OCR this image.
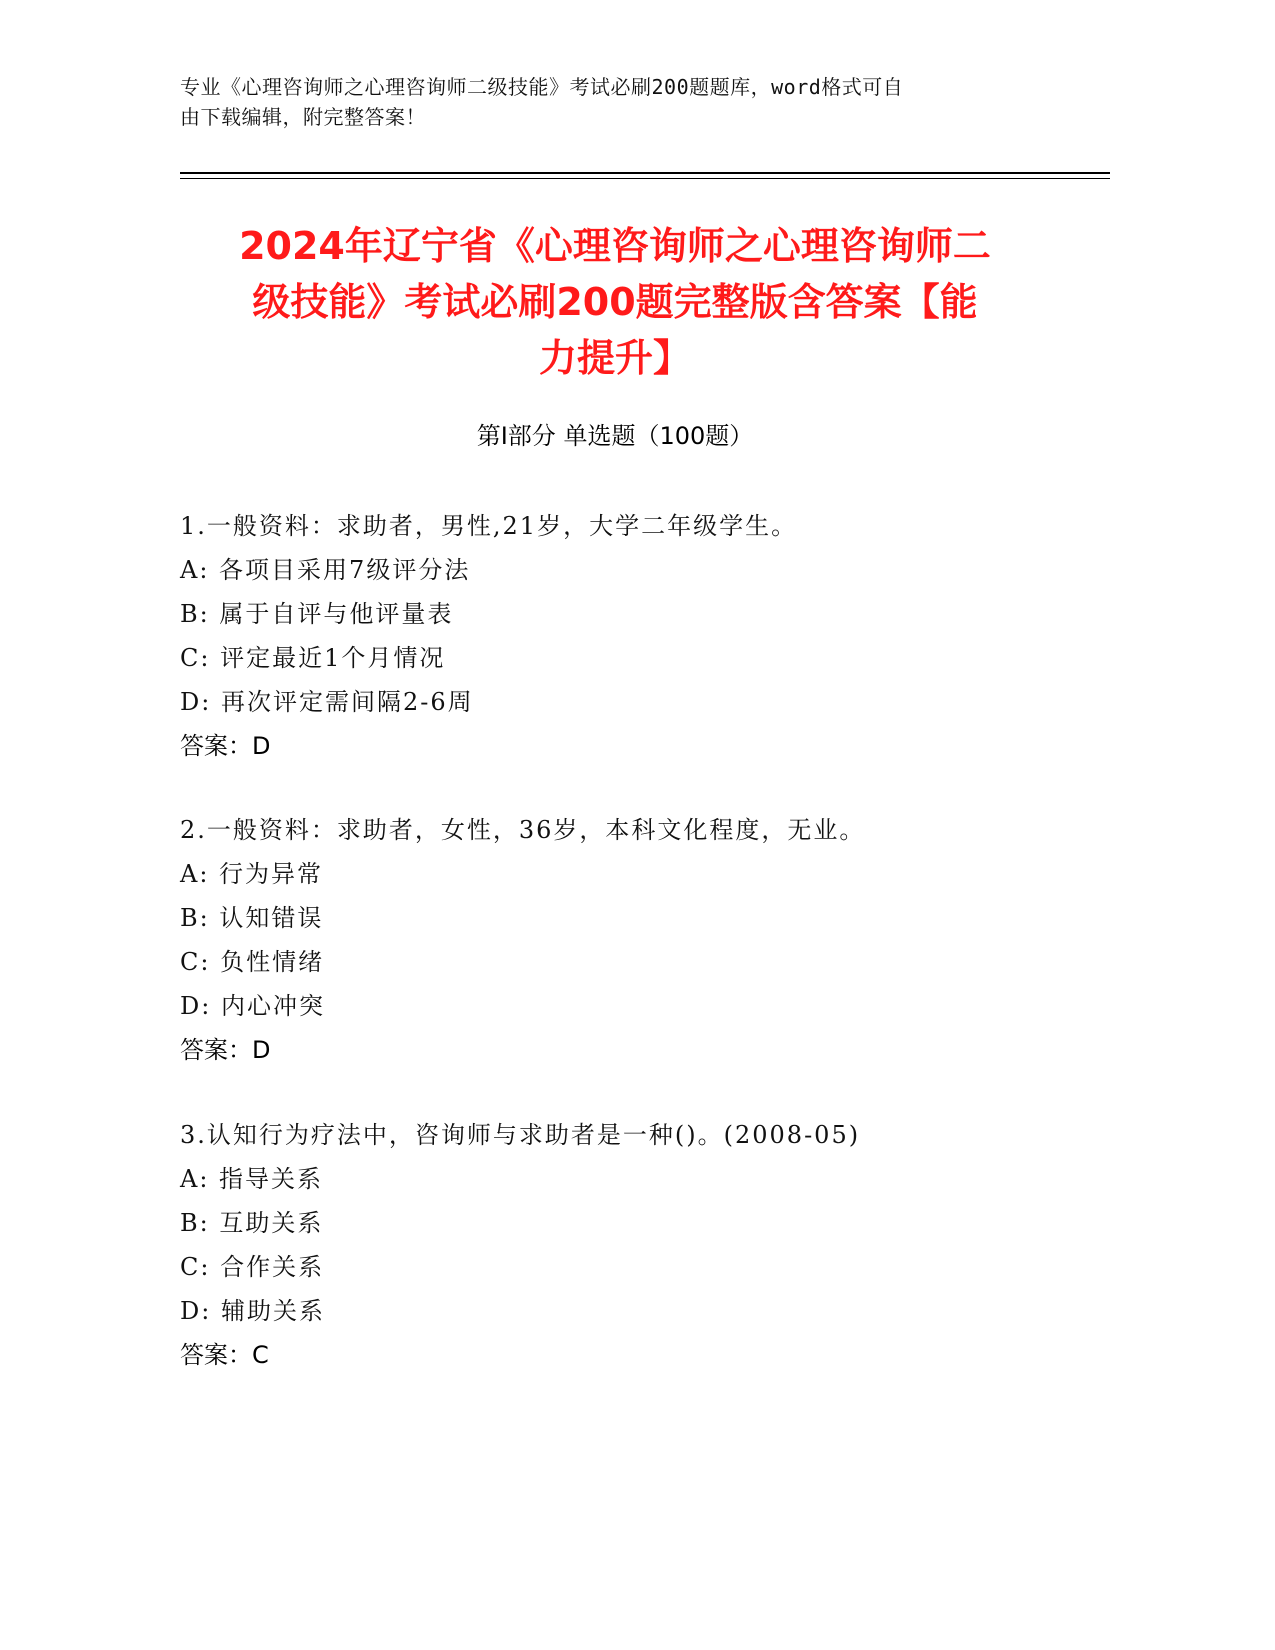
专业《心理咨询师之心理咨询师二级技能》考试必刷200题题库，word格式可自
由下载编辑，附完整答案！
2024年辽宁省《心理咨询师之心理咨询师二
级技能》考试必刷200题完整版含答案【能
力提升】
第I部分 单选题（100题）
1.一般资料：求助者，男性,21岁，大学二年级学生。
A: 各项目采用7级评分法
B: 属于自评与他评量表
C: 评定最近1个月情况
D: 再次评定需间隔2-6周
答案：D
2.一般资料：求助者，女性，36岁，本科文化程度，无业。
A: 行为异常
B: 认知错误
C: 负性情绪
D: 内心冲突
答案：D
3.认知行为疗法中，咨询师与求助者是一种()。(2008-05)
A: 指导关系
B: 互助关系
C: 合作关系
D: 辅助关系
答案：C
